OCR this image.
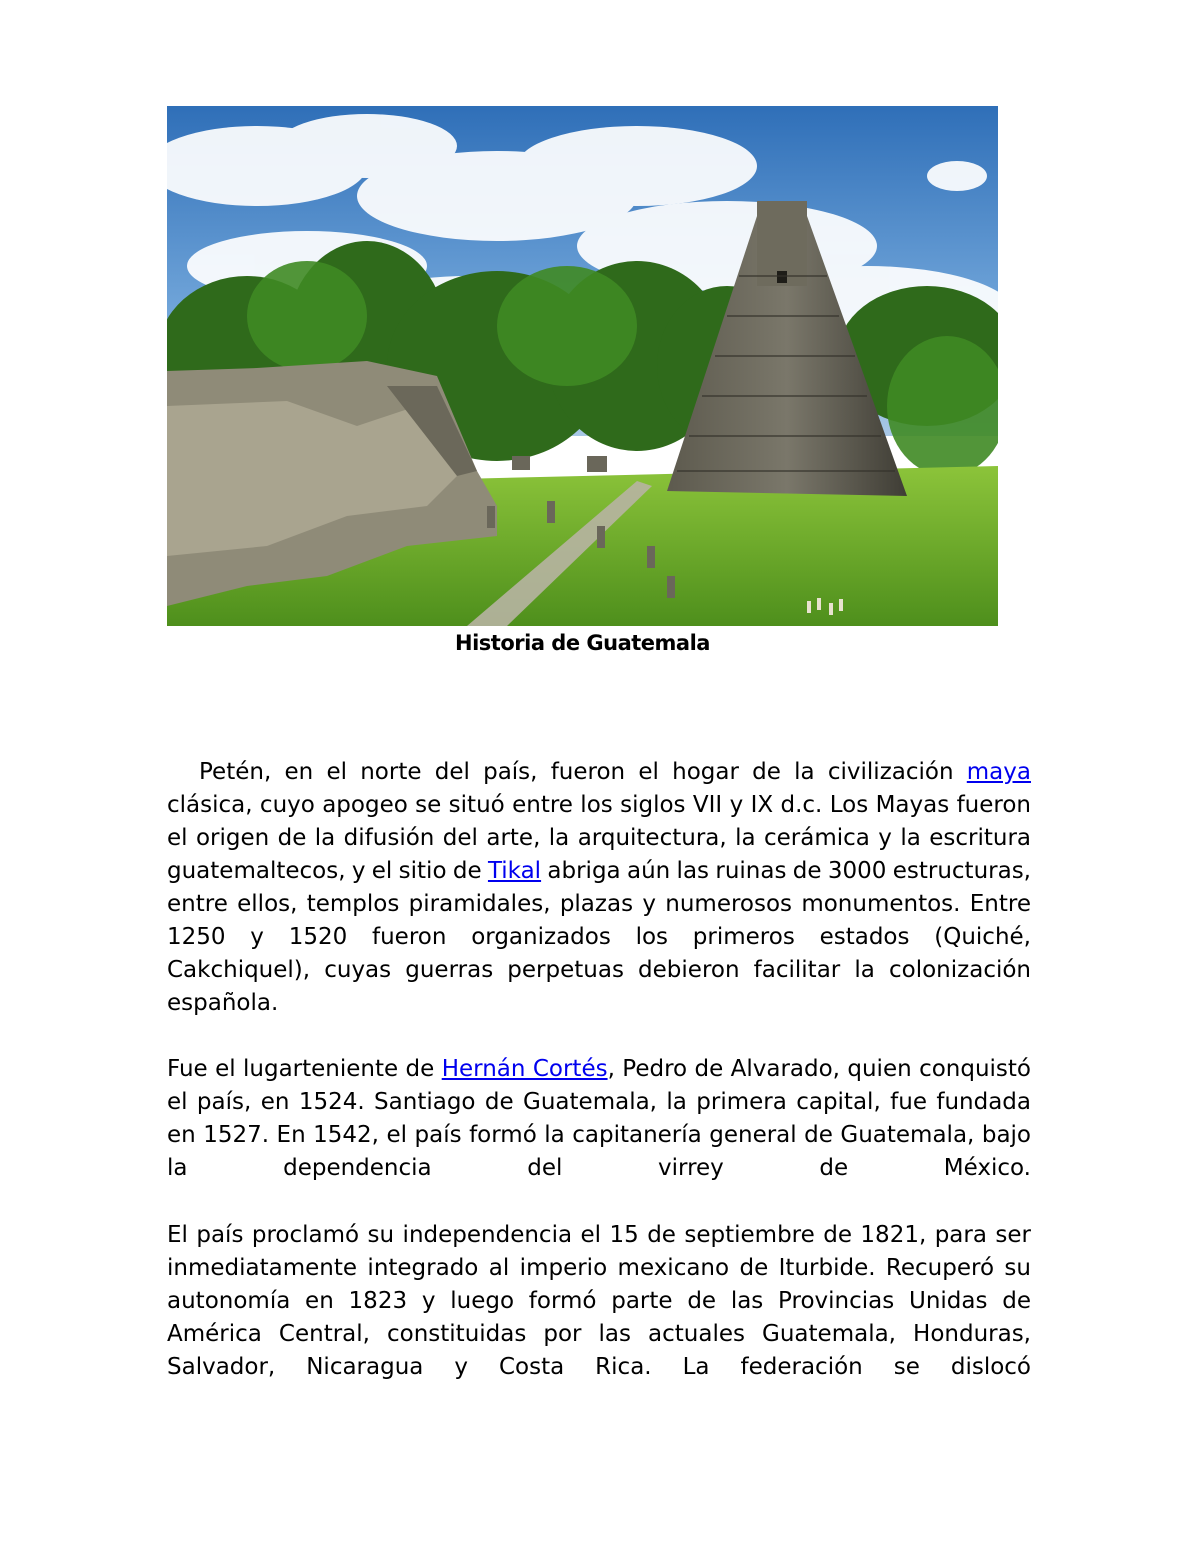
Historia de Guatemala

Petén, en el norte del país, fueron el hogar de la civilización maya clásica, cuyo apogeo se situó entre los siglos VII y IX d.c. Los Mayas fueron el origen de la difusión del arte, la arquitectura, la cerámica y la escritura guatemaltecos, y el sitio de Tikal abriga aún las ruinas de 3000 estructuras, entre ellos, templos piramidales, plazas y numerosos monumentos. Entre 1250 y 1520 fueron organizados los primeros estados (Quiché, Cakchiquel), cuyas guerras perpetuas debieron facilitar la colonización española.

Fue el lugarteniente de Hernán Cortés, Pedro de Alvarado, quien conquistó el país, en 1524. Santiago de Guatemala, la primera capital, fue fundada en 1527. En 1542, el país formó la capitanería general de Guatemala, bajo la dependencia del virrey de México.

El país proclamó su independencia el 15 de septiembre de 1821, para ser inmediatamente integrado al imperio mexicano de Iturbide. Recuperó su autonomía en 1823 y luego formó parte de las Provincias Unidas de América Central, constituidas por las actuales Guatemala, Honduras, Salvador, Nicaragua y Costa Rica. La federación se dislocó
